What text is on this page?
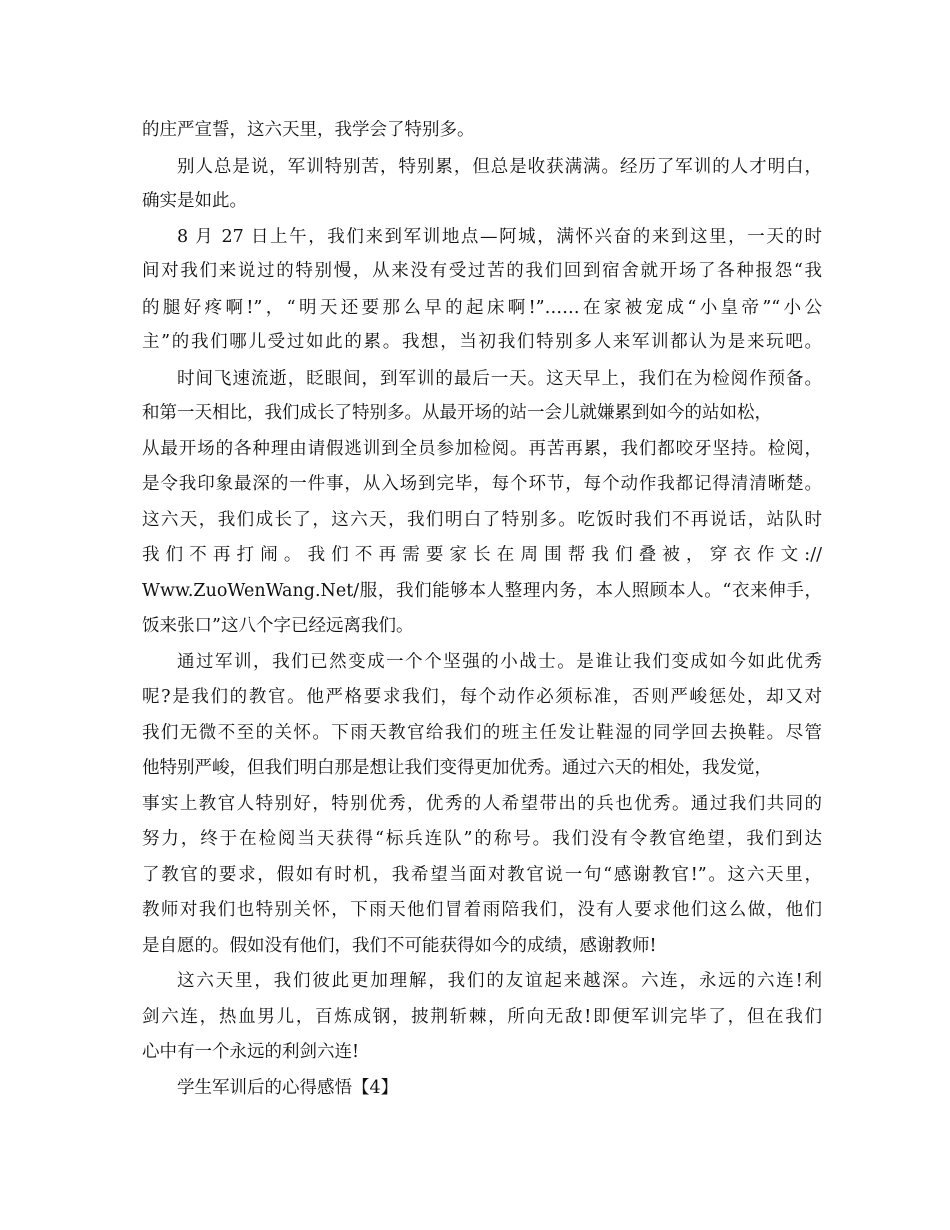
的庄严宣誓，这六天里，我学会了特别多。
别人总是说，军训特别苦，特别累，但总是收获满满。经历了军训的人才明白，
确实是如此。
8 月 27 日上午，我们来到军训地点—阿城，满怀兴奋的来到这里，一天的时
间对我们来说过的特别慢，从来没有受过苦的我们回到宿舍就开场了各种报怨“我
的腿好疼啊!”，“明天还要那么早的起床啊!”……在家被宠成“小皇帝”“小公
主”的我们哪儿受过如此的累。我想，当初我们特别多人来军训都认为是来玩吧。
时间飞速流逝，眨眼间，到军训的最后一天。这天早上，我们在为检阅作预备。
和第一天相比，我们成长了特别多。从最开场的站一会儿就嫌累到如今的站如松，
从最开场的各种理由请假逃训到全员参加检阅。再苦再累，我们都咬牙坚持。检阅，
是令我印象最深的一件事，从入场到完毕，每个环节，每个动作我都记得清清晰楚。
这六天，我们成长了，这六天，我们明白了特别多。吃饭时我们不再说话，站队时
我们不再打闹。我们不再需要家长在周围帮我们叠被，穿衣作文://
Www.ZuoWenWang.Net/服，我们能够本人整理内务，本人照顾本人。“衣来伸手，
饭来张口”这八个字已经远离我们。
通过军训，我们已然变成一个个坚强的小战士。是谁让我们变成如今如此优秀
呢?是我们的教官。他严格要求我们，每个动作必须标准，否则严峻惩处，却又对
我们无微不至的关怀。下雨天教官给我们的班主任发让鞋湿的同学回去换鞋。尽管
他特别严峻，但我们明白那是想让我们变得更加优秀。通过六天的相处，我发觉，
事实上教官人特别好，特别优秀，优秀的人希望带出的兵也优秀。通过我们共同的
努力，终于在检阅当天获得“标兵连队”的称号。我们没有令教官绝望，我们到达
了教官的要求，假如有时机，我希望当面对教官说一句“感谢教官!”。这六天里，
教师对我们也特别关怀，下雨天他们冒着雨陪我们，没有人要求他们这么做，他们
是自愿的。假如没有他们，我们不可能获得如今的成绩，感谢教师!
这六天里，我们彼此更加理解，我们的友谊起来越深。六连，永远的六连!利
剑六连，热血男儿，百炼成钢，披荆斩棘，所向无敌!即便军训完毕了，但在我们
心中有一个永远的利剑六连!
学生军训后的心得感悟【4】
